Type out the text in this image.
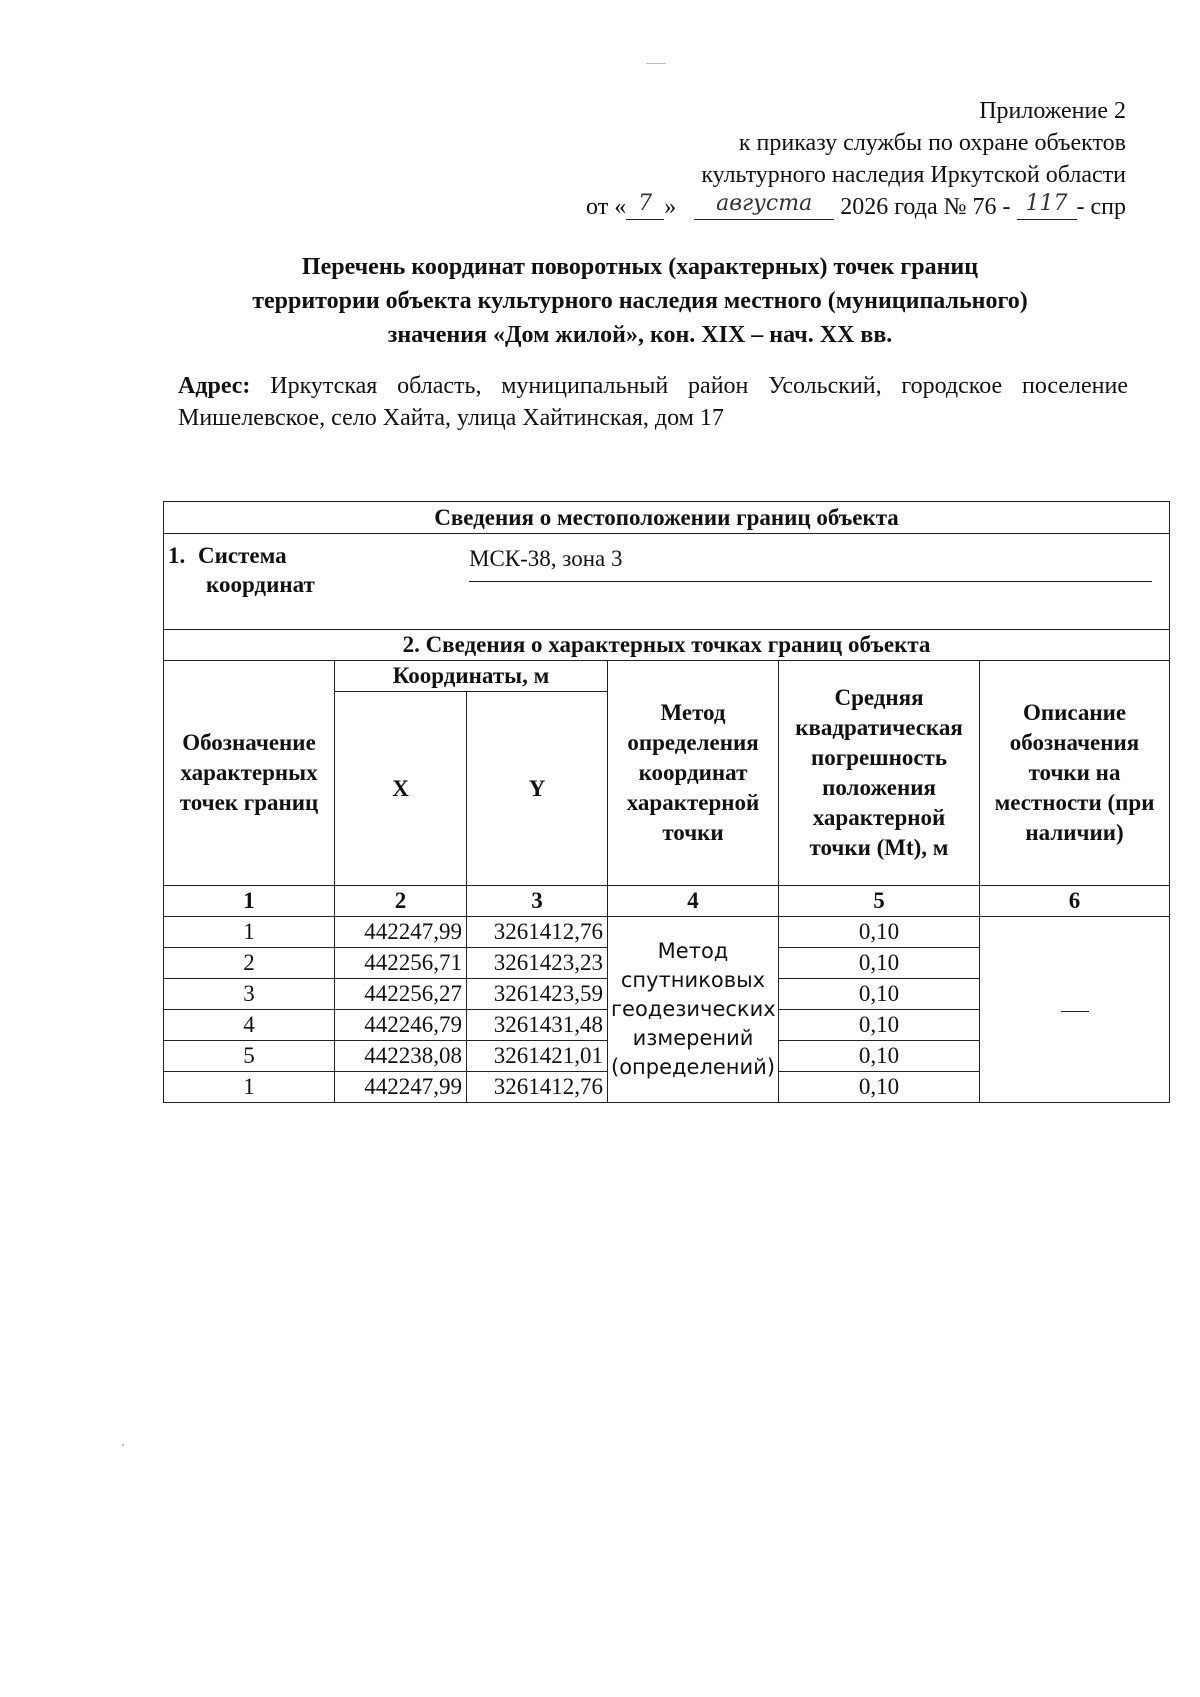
Приложение 2
к приказу службы по охране объектов
культурного наследия Иркутской области
от « 7 » августа 2026 года № 76 - 117 - спр
Перечень координат поворотных (характерных) точек границ
территории объекта культурного наследия местного (муниципального)
значения «Дом жилой», кон. XIX – нач. XX вв.
Адрес: Иркутская область, муниципальный район Усольский, городское поселение Мишелевское, село Хайта, улица Хайтинская, дом 17
Сведения о местоположении границ объекта					

1. Система
координат
МСК-38, зона 3					

2. Сведения о характерных точках границ объекта					
Обозначение характерных точек границ	Координаты, м		Метод определения координат характерной точки	Средняя квадратическая погрешность положения характерной точки (Mt), м	Описание обозначения точки на местности (при наличии)
	X	Y			
1	2	3	4	5	6
1	442247,99	3261412,76	Метод спутниковых геодезических измерений (определений)	0,10	
2	442256,71	3261423,23		0,10	
3	442256,27	3261423,59		0,10	
4	442246,79	3261431,48		0,10	
5	442238,08	3261421,01		0,10	
1	442247,99	3261412,76		0,10	
